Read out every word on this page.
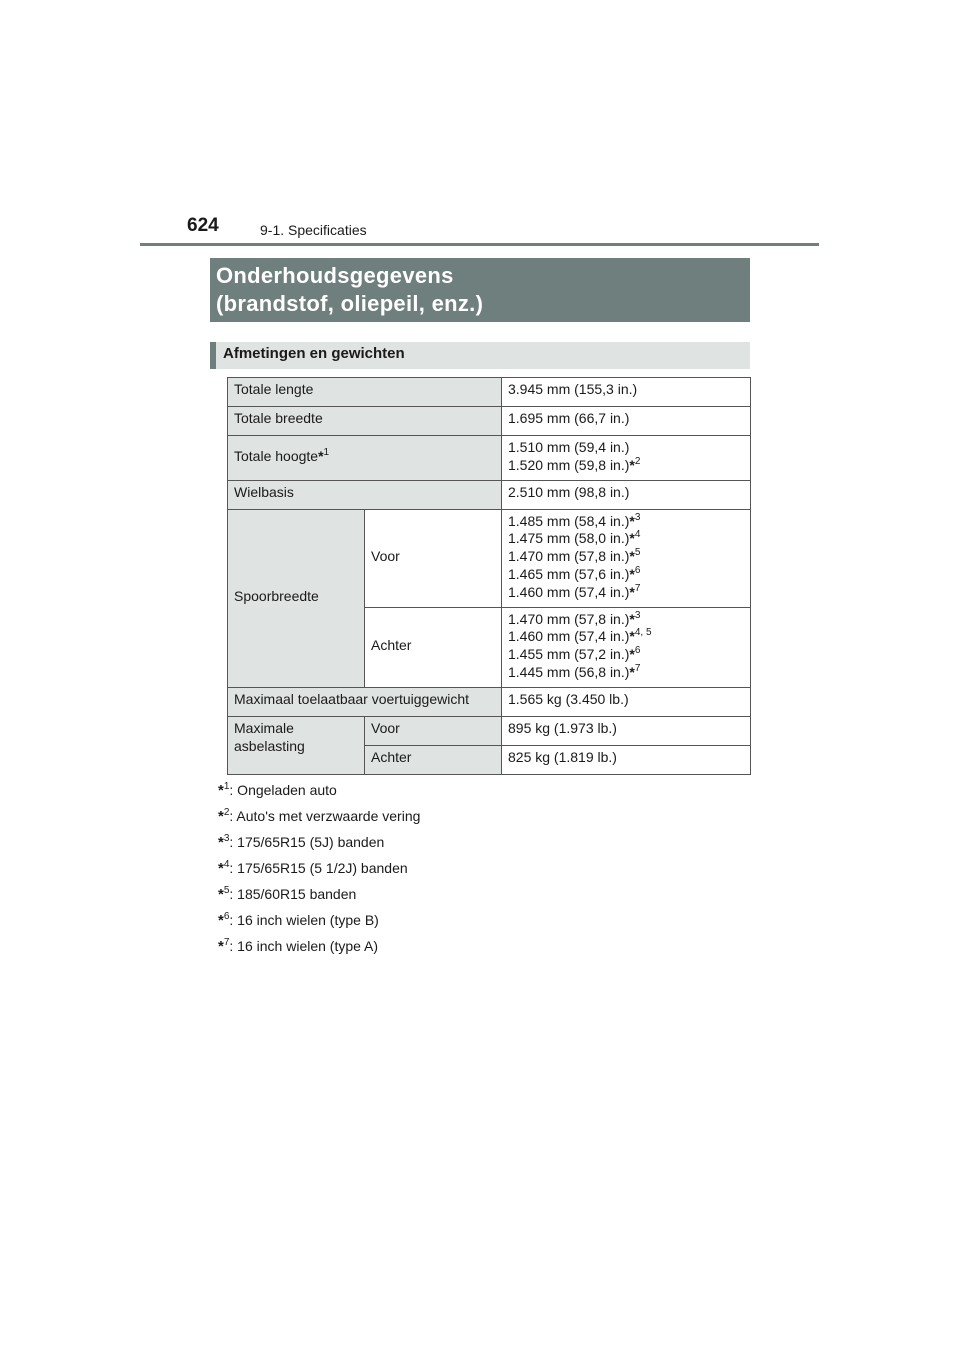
624	9-1. Specificaties
Onderhoudsgegevens
(brandstof, oliepeil, enz.)
Afmetingen en gewichten
Totale lengte		3.945 mm (155,3 in.)
Totale breedte		1.695 mm (66,7 in.)
Totale hoogte*$^1$		1.510 mm (59,4 in.)
1.520 mm (59,8 in.)*$^2$

Wielbasis		2.510 mm (98,8 in.)
Spoorbreedte	Voor	1.485 mm (58,4 in.)*$^3$
1.475 mm (58,0 in.)*$^4$
1.470 mm (57,8 in.)*$^5$
1.465 mm (57,6 in.)*$^6$
1.460 mm (57,4 in.)*$^7$

	Achter	1.470 mm (57,8 in.)*$^3$
1.460 mm (57,4 in.)*$^{4, 5}$
1.455 mm (57,2 in.)*$^6$
1.445 mm (56,8 in.)*$^7$

Maximaal toelaatbaar voertuiggewicht		1.565 kg (3.450 lb.)

Maximale
asbelasting	Voor	895 kg (1.973 lb.)
	Achter	825 kg (1.819 lb.)
*$^1$: Ongeladen auto
*$^2$: Auto's met verzwaarde vering
*$^3$: 175/65R15 (5J) banden
*$^4$: 175/65R15 (5 1/2J) banden
*$^5$: 185/60R15 banden
*$^6$: 16 inch wielen (type B)
*$^7$: 16 inch wielen (type A)
